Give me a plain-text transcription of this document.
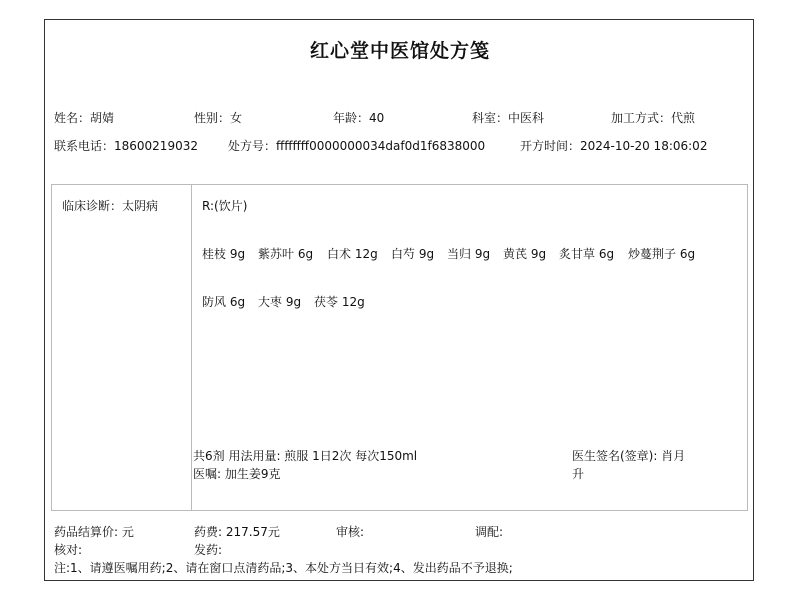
红心堂中医馆处方笺
姓名：胡婧	性别：女	年龄：40	科室：中医科	加工方式：代煎
联系电话：18600219032	处方号：ffffffff0000000034daf0d1f6838000	开方时间：2024-10-20 18:06:02
临床诊断：太阴病	R:(饮片)
桂枝 9g 紫苏叶 6g 白术 12g 白芍 9g 当归 9g 黄芪 9g 炙甘草 6g 炒蔓荆子 6g
防风 6g 大枣 9g 茯苓 12g
共6剂 用法用量: 煎服 1日2次 每次150ml
医嘱: 加生姜9克
医生签名(签章): 肖月
升
药品结算价: 元	药费: 217.57元	审核:	调配:
核对:	发药:
注:1、请遵医嘱用药;2、请在窗口点清药品;3、本处方当日有效;4、发出药品不予退换;
